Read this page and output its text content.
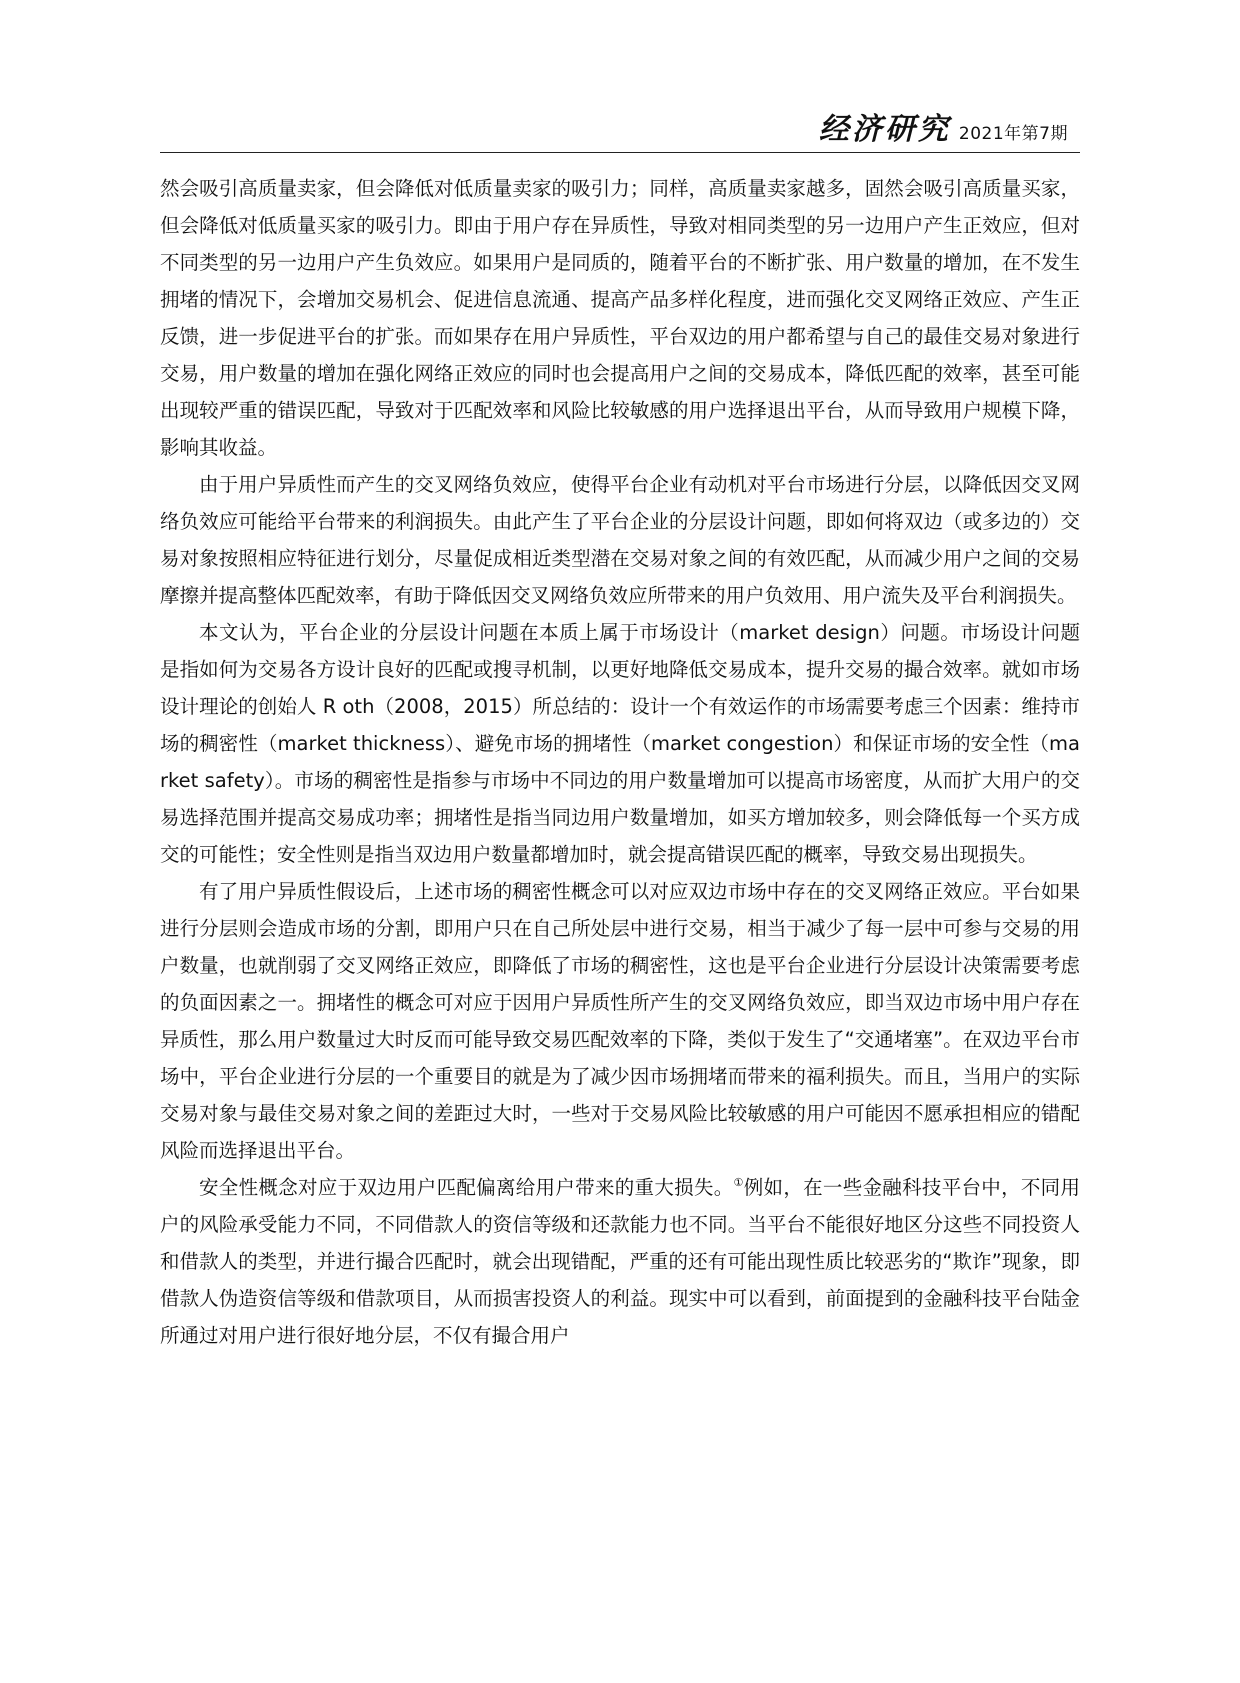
经济研究 2021年第7期

然会吸引高质量卖家，但会降低对低质量卖家的吸引力；同样，高质量卖家越多，固然会吸引高质量买家，但会降低对低质量买家的吸引力。即由于用户存在异质性，导致对相同类型的另一边用户产生正效应，但对不同类型的另一边用户产生负效应。如果用户是同质的，随着平台的不断扩张、用户数量的增加，在不发生拥堵的情况下，会增加交易机会、促进信息流通、提高产品多样化程度，进而强化交叉网络正效应、产生正反馈，进一步促进平台的扩张。而如果存在用户异质性，平台双边的用户都希望与自己的最佳交易对象进行交易，用户数量的增加在强化网络正效应的同时也会提高用户之间的交易成本，降低匹配的效率，甚至可能出现较严重的错误匹配，导致对于匹配效率和风险比较敏感的用户选择退出平台，从而导致用户规模下降，影响其收益。

由于用户异质性而产生的交叉网络负效应，使得平台企业有动机对平台市场进行分层，以降低因交叉网络负效应可能给平台带来的利润损失。由此产生了平台企业的分层设计问题，即如何将双边（或多边的）交易对象按照相应特征进行划分，尽量促成相近类型潜在交易对象之间的有效匹配，从而减少用户之间的交易摩擦并提高整体匹配效率，有助于降低因交叉网络负效应所带来的用户负效用、用户流失及平台利润损失。

本文认为，平台企业的分层设计问题在本质上属于市场设计（market design）问题。市场设计问题是指如何为交易各方设计良好的匹配或搜寻机制，以更好地降低交易成本，提升交易的撮合效率。就如市场设计理论的创始人 R oth（2008，2015）所总结的：设计一个有效运作的市场需要考虑三个因素：维持市场的稠密性（market thickness）、避免市场的拥堵性（market congestion）和保证市场的安全性（market safety）。市场的稠密性是指参与市场中不同边的用户数量增加可以提高市场密度，从而扩大用户的交易选择范围并提高交易成功率；拥堵性是指当同边用户数量增加，如买方增加较多，则会降低每一个买方成交的可能性；安全性则是指当双边用户数量都增加时，就会提高错误匹配的概率，导致交易出现损失。

有了用户异质性假设后，上述市场的稠密性概念可以对应双边市场中存在的交叉网络正效应。平台如果进行分层则会造成市场的分割，即用户只在自己所处层中进行交易，相当于减少了每一层中可参与交易的用户数量，也就削弱了交叉网络正效应，即降低了市场的稠密性，这也是平台企业进行分层设计决策需要考虑的负面因素之一。拥堵性的概念可对应于因用户异质性所产生的交叉网络负效应，即当双边市场中用户存在异质性，那么用户数量过大时反而可能导致交易匹配效率的下降，类似于发生了“交通堵塞”。在双边平台市场中，平台企业进行分层的一个重要目的就是为了减少因市场拥堵而带来的福利损失。而且，当用户的实际交易对象与最佳交易对象之间的差距过大时，一些对于交易风险比较敏感的用户可能因不愿承担相应的错配风险而选择退出平台。

安全性概念对应于双边用户匹配偏离给用户带来的重大损失。①例如，在一些金融科技平台中，不同用户的风险承受能力不同，不同借款人的资信等级和还款能力也不同。当平台不能很好地区分这些不同投资人和借款人的类型，并进行撮合匹配时，就会出现错配，严重的还有可能出现性质比较恶劣的“欺诈”现象，即借款人伪造资信等级和借款项目，从而损害投资人的利益。现实中可以看到，前面提到的金融科技平台陆金所通过对用户进行很好地分层，不仅有撮合用户
